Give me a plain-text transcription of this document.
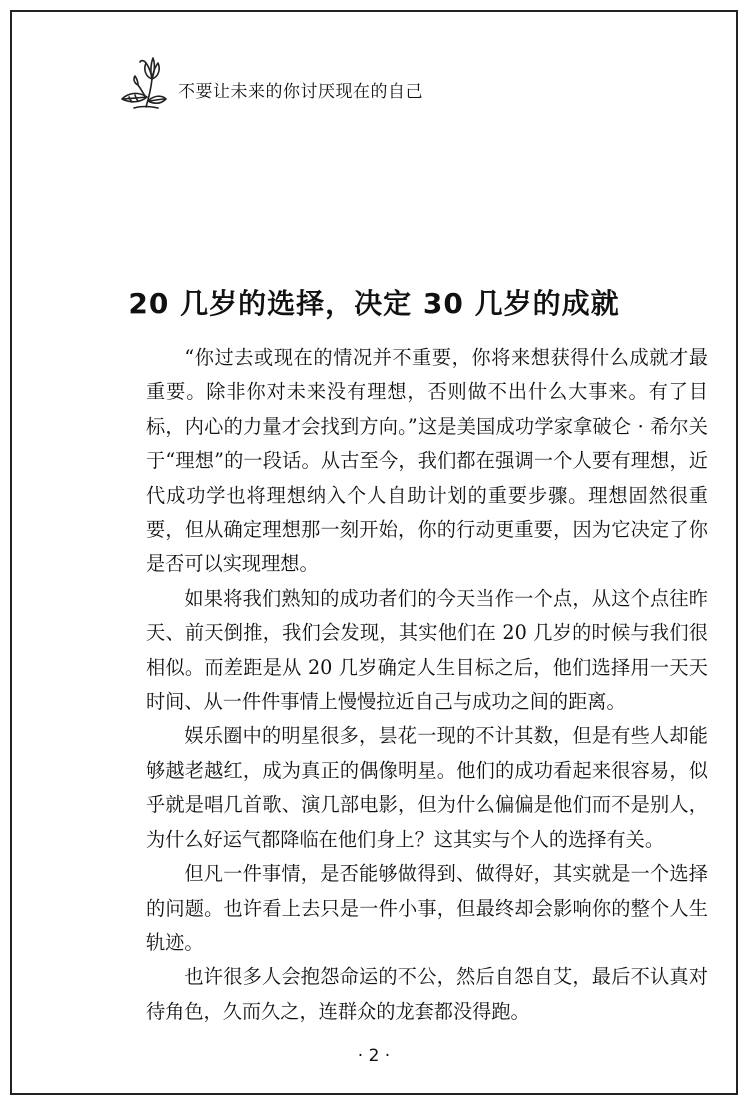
不要让未来的你讨厌现在的自己
20 几岁的选择，决定 30 几岁的成就

“你过去或现在的情况并不重要，你将来想获得什么成就才最重要。除非你对未来没有理想，否则做不出什么大事来。有了目标，内心的力量才会找到方向。”这是美国成功学家拿破仑 · 希尔关于“理想”的一段话。从古至今，我们都在强调一个人要有理想，近代成功学也将理想纳入个人自助计划的重要步骤。理想固然很重要，但从确定理想那一刻开始，你的行动更重要，因为它决定了你是否可以实现理想。

如果将我们熟知的成功者们的今天当作一个点，从这个点往昨天、前天倒推，我们会发现，其实他们在 20 几岁的时候与我们很相似。而差距是从 20 几岁确定人生目标之后，他们选择用一天天时间、从一件件事情上慢慢拉近自己与成功之间的距离。

娱乐圈中的明星很多，昙花一现的不计其数，但是有些人却能够越老越红，成为真正的偶像明星。他们的成功看起来很容易，似乎就是唱几首歌、演几部电影，但为什么偏偏是他们而不是别人，为什么好运气都降临在他们身上？这其实与个人的选择有关。

但凡一件事情，是否能够做得到、做得好，其实就是一个选择的问题。也许看上去只是一件小事，但最终却会影响你的整个人生轨迹。

也许很多人会抱怨命运的不公，然后自怨自艾，最后不认真对待角色，久而久之，连群众的龙套都没得跑。

· 2 ·
